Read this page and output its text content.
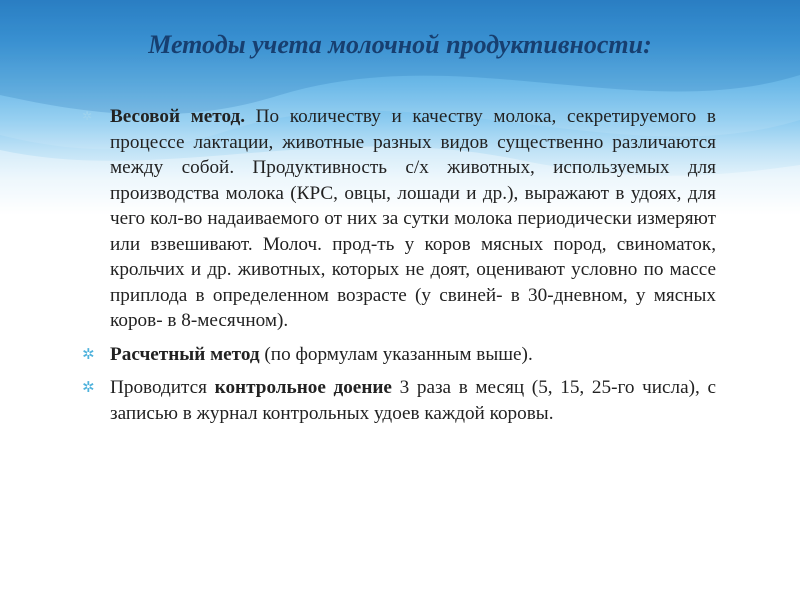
Методы учета молочной продуктивности:
✲ Весовой метод. По количеству и качеству молока, секретируемого в процессе лактации, животные разных видов существенно различаются между собой. Продуктивность с/х животных, используемых для производства молока (КРС, овцы, лошади и др.), выражают в удоях, для чего кол-во надаиваемого от них за сутки молока периодически измеряют или взвешивают. Молоч. прод-ть у коров мясных пород, свиноматок, крольчих и др. животных, которых не доят, оценивают условно по массе приплода в определенном возрасте (у свиней- в 30-дневном, у мясных коров- в 8-месячном).
✲ Расчетный метод (по формулам указанным выше).
✲ Проводится контрольное доение 3 раза в месяц (5, 15, 25-го числа), с записью в журнал контрольных удоев каждой коровы.
